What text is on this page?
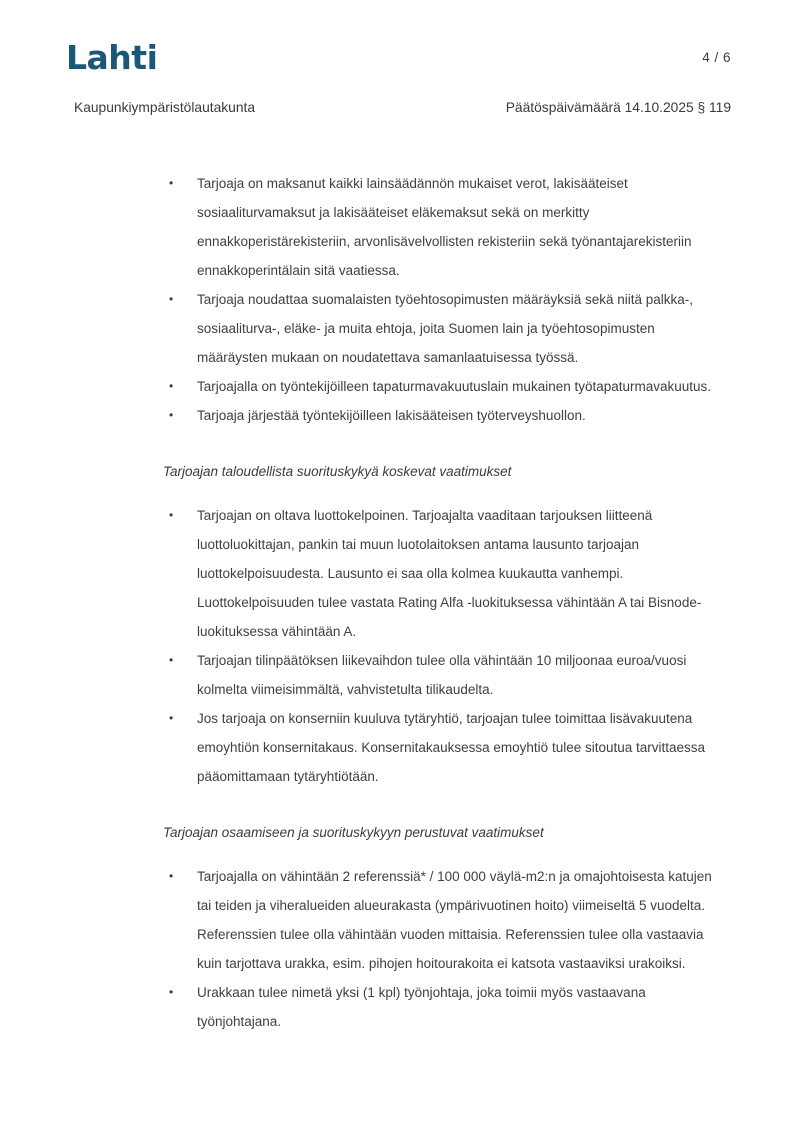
Lahti	4 / 6
Kaupunkiympäristölautakunta	Päätöspäivämäärä 14.10.2025 § 119
•	Tarjoaja on maksanut kaikki lainsäädännön mukaiset verot, lakisääteiset sosiaaliturvamaksut ja lakisääteiset eläkemaksut sekä on merkitty ennakkoperistärekisteriin, arvonlisävelvollisten rekisteriin sekä työnantajarekisteriin ennakkoperintälain sitä vaatiessa.
•	Tarjoaja noudattaa suomalaisten työehtosopimusten määräyksiä sekä niitä palkka-, sosiaaliturva-, eläke- ja muita ehtoja, joita Suomen lain ja työehtosopimusten määräysten mukaan on noudatettava samanlaatuisessa työssä.
•	Tarjoajalla on työntekijöilleen tapaturmavakuutuslain mukainen työtapaturmavakuutus.
•	Tarjoaja järjestää työntekijöilleen lakisääteisen työterveyshuollon.
Tarjoajan taloudellista suorituskykyä koskevat vaatimukset
•	Tarjoajan on oltava luottokelpoinen. Tarjoajalta vaaditaan tarjouksen liitteenä luottoluokittajan, pankin tai muun luotolaitoksen antama lausunto tarjoajan luottokelpoisuudesta. Lausunto ei saa olla kolmea kuukautta vanhempi. Luottokelpoisuuden tulee vastata Rating Alfa -luokituksessa vähintään A tai Bisnode-luokituksessa vähintään A.
•	Tarjoajan tilinpäätöksen liikevaihdon tulee olla vähintään 10 miljoonaa euroa/vuosi kolmelta viimeisimmältä, vahvistetulta tilikaudelta.
•	Jos tarjoaja on konserniin kuuluva tytäryhtiö, tarjoajan tulee toimittaa lisävakuutena emoyhtiön konsernitakaus. Konsernitakauksessa emoyhtiö tulee sitoutua tarvittaessa pääomittamaan tytäryhtiötään.
Tarjoajan osaamiseen ja suorituskykyyn perustuvat vaatimukset
•	Tarjoajalla on vähintään 2 referenssiä* / 100 000 väylä-m2:n ja omajohtoisesta katujen tai teiden ja viheralueiden alueurakasta (ympärivuotinen hoito) viimeiseltä 5 vuodelta. Referenssien tulee olla vähintään vuoden mittaisia. Referenssien tulee olla vastaavia kuin tarjottava urakka, esim. pihojen hoitourakoita ei katsota vastaaviksi urakoiksi.
•	Urakkaan tulee nimetä yksi (1 kpl) työnjohtaja, joka toimii myös vastaavana työnjohtajana.
